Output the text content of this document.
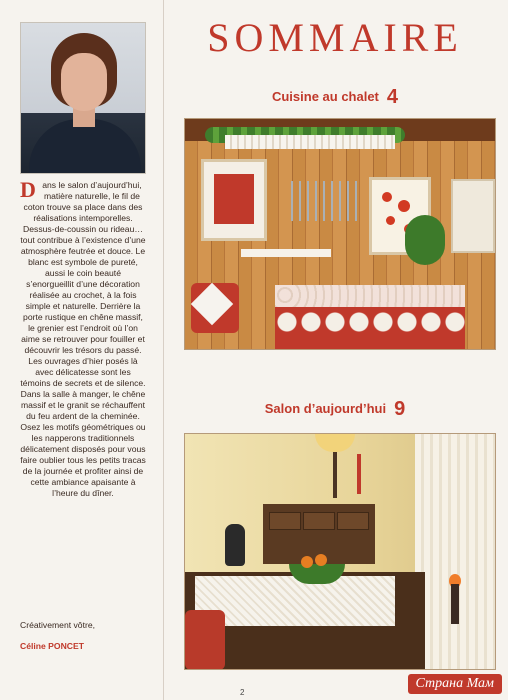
Dans le salon d’aujourd’hui, matière naturelle, le fil de coton trouve sa place dans des réalisations intemporelles. Dessus-de-coussin ou rideau… tout contribue à l’existence d’une atmosphère feutrée et douce. Le blanc est symbole de pureté, aussi le coin beauté s’enorgueillit d’une décoration réalisée au crochet, à la fois simple et naturelle. Derrière la porte rustique en chêne massif, le grenier est l’endroit où l’on aime se retrouver pour fouiller et découvrir les trésors du passé. Les ouvrages d’hier posés là avec délicatesse sont les témoins de secrets et de silence. Dans la salle à manger, le chêne massif et le granit se réchauffent du feu ardent de la cheminée. Osez les motifs géométriques ou les napperons traditionnels délicatement disposés pour vous faire oublier tous les petits tracas de la journée et profiter ainsi de cette ambiance apaisante à l’heure du dîner.
Créativement vôtre,
Céline PONCET
SOMMAIRE
Cuisine au chalet 4
Salon d’aujourd’hui 9
2
Страна Мам
